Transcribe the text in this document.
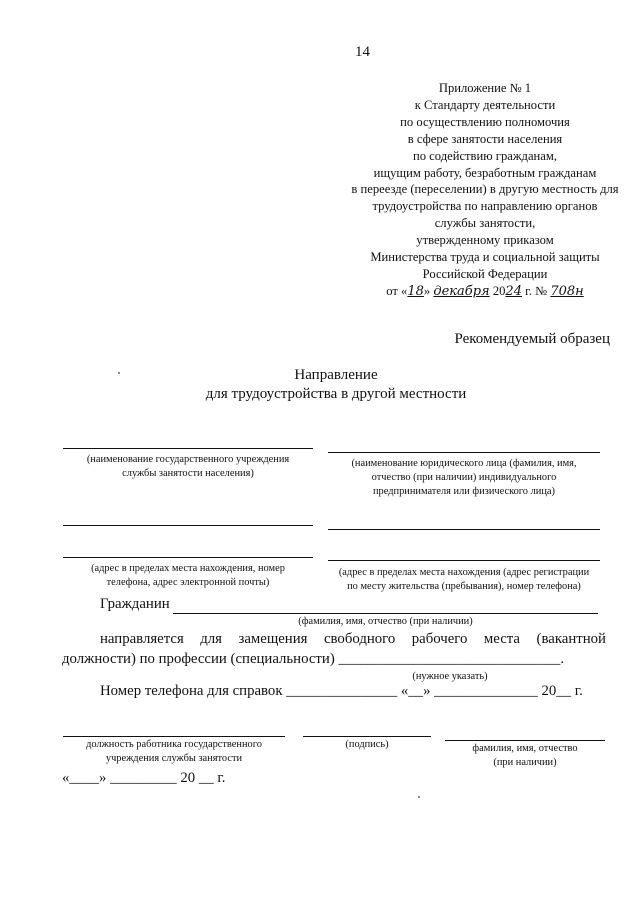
14
Приложение № 1
к Стандарту деятельности
по осуществлению полномочия
в сфере занятости населения
по содействию гражданам,
ищущим работу, безработным гражданам
в переезде (переселении) в другую местность для
трудоустройства по направлению органов
службы занятости,
утвержденному приказом
Министерства труда и социальной защиты
Российской Федерации
от «18» декабря 2024 г. № 708н
Рекомендуемый образец
Направление
для трудоустройства в другой местности
(наименование государственного учреждения
службы занятости населения)
(наименование юридического лица (фамилия, имя,
отчество (при наличии) индивидуального
предпринимателя или физического лица)
(адрес в пределах места нахождения, номер
телефона, адрес электронной почты)
(адрес в пределах места нахождения (адрес регистрации
по месту жительства (пребывания), номер телефона)
Гражданин
(фамилия, имя, отчество (при наличии)
направляется для замещения свободного рабочего места (вакантной
должности) по профессии (специальности) ______________________________.
(нужное указать)
Номер телефона для справок _______________ «__» ______________ 20__ г.
должность работника государственного
учреждения службы занятости
(подпись)	фамилия, имя, отчество
(при наличии)
«____» _________ 20 __ г.
